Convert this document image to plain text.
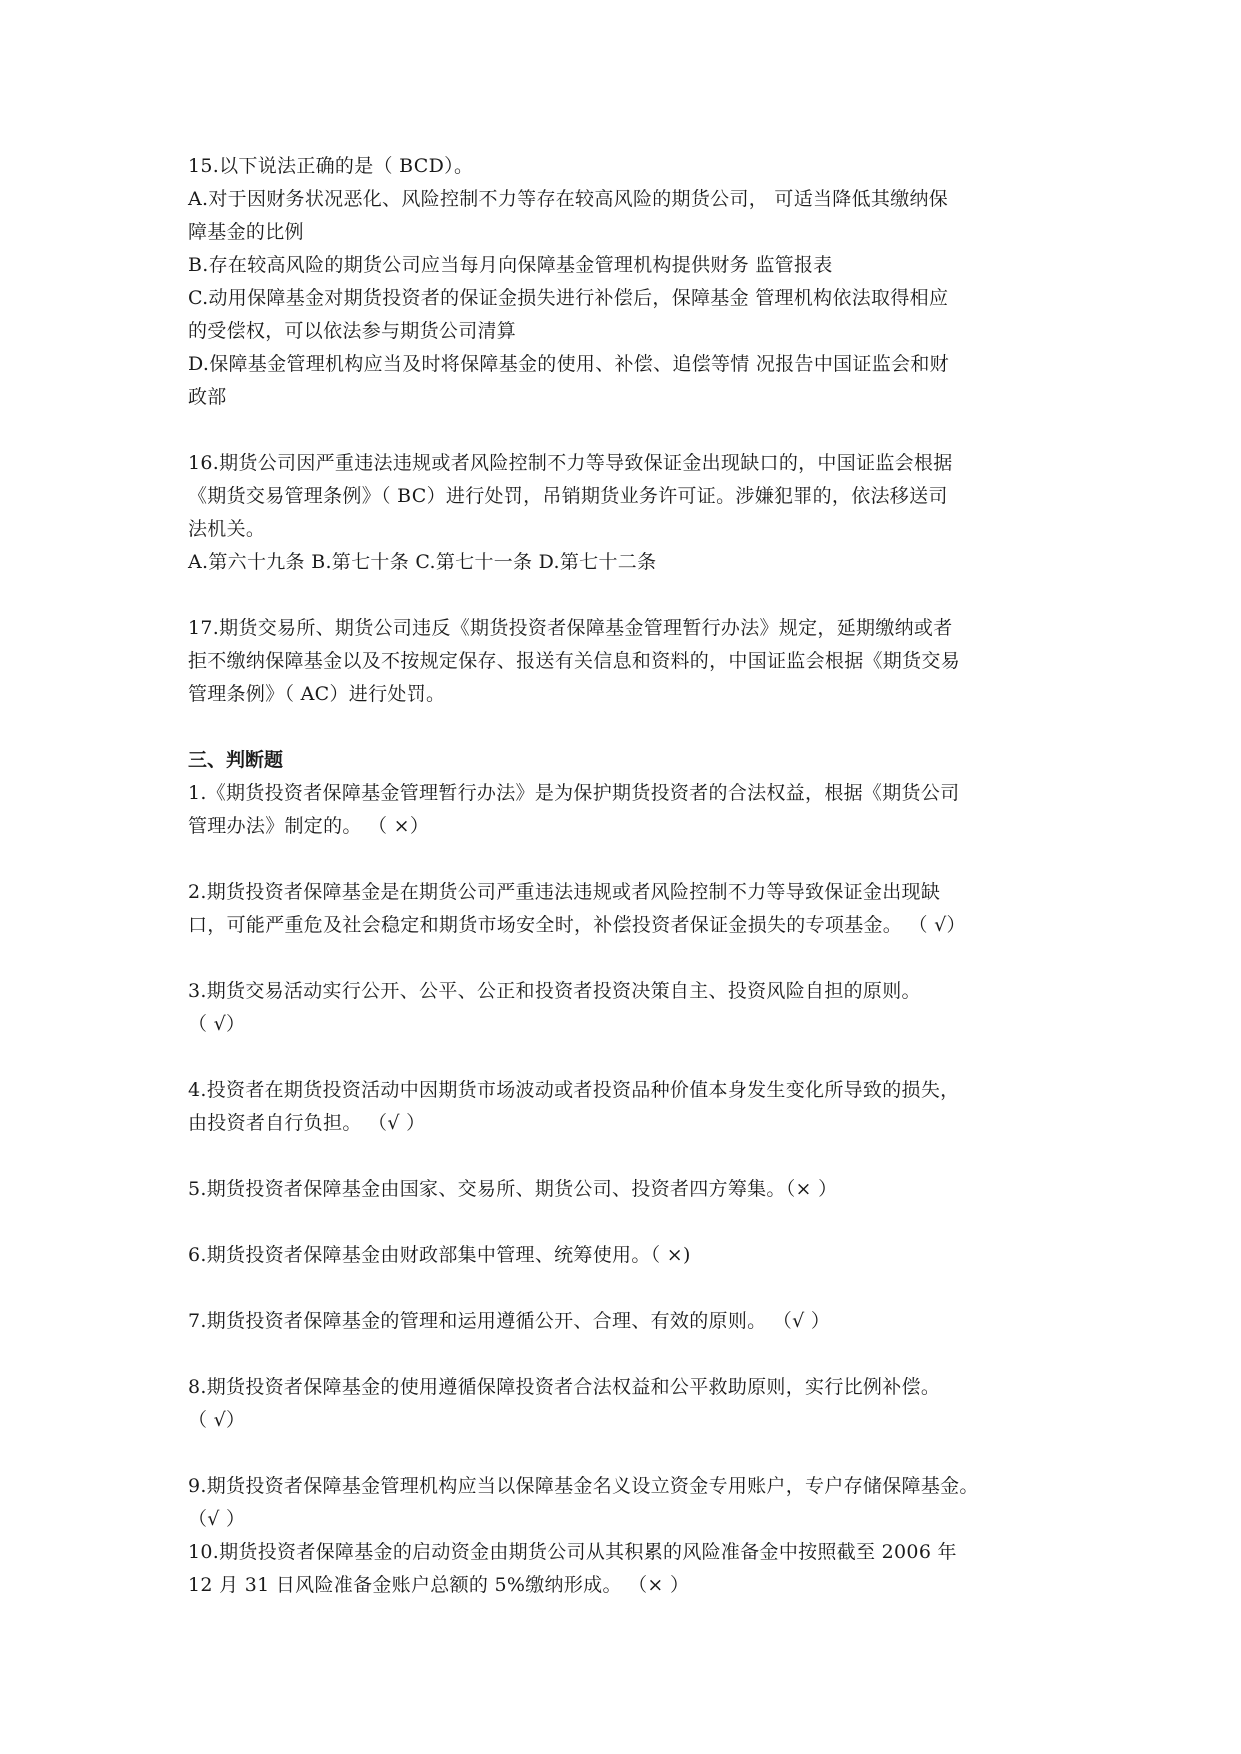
15.以下说法正确的是（ BCD）。
A.对于因财务状况恶化、风险控制不力等存在较高风险的期货公司， 可适当降低其缴纳保
障基金的比例
B.存在较高风险的期货公司应当每月向保障基金管理机构提供财务 监管报表
C.动用保障基金对期货投资者的保证金损失进行补偿后，保障基金 管理机构依法取得相应
的受偿权，可以依法参与期货公司清算
D.保障基金管理机构应当及时将保障基金的使用、补偿、追偿等情 况报告中国证监会和财
政部
16.期货公司因严重违法违规或者风险控制不力等导致保证金出现缺口的，中国证监会根据
《期货交易管理条例》（ BC）进行处罚，吊销期货业务许可证。涉嫌犯罪的，依法移送司
法机关。
A.第六十九条 B.第七十条 C.第七十一条 D.第七十二条
17.期货交易所、期货公司违反《期货投资者保障基金管理暂行办法》规定，延期缴纳或者
拒不缴纳保障基金以及不按规定保存、报送有关信息和资料的，中国证监会根据《期货交易
管理条例》（ AC）进行处罚。
三、判断题
1.《期货投资者保障基金管理暂行办法》是为保护期货投资者的合法权益，根据《期货公司
管理办法》制定的。 （ ×）
2.期货投资者保障基金是在期货公司严重违法违规或者风险控制不力等导致保证金出现缺
口，可能严重危及社会稳定和期货市场安全时，补偿投资者保证金损失的专项基金。 （ √）
3.期货交易活动实行公开、公平、公正和投资者投资决策自主、投资风险自担的原则。
（ √）
4.投资者在期货投资活动中因期货市场波动或者投资品种价值本身发生变化所导致的损失，
由投资者自行负担。 （√ ）
5.期货投资者保障基金由国家、交易所、期货公司、投资者四方筹集。（× ）
6.期货投资者保障基金由财政部集中管理、统筹使用。（ ×)
7.期货投资者保障基金的管理和运用遵循公开、合理、有效的原则。 （√ ）
8.期货投资者保障基金的使用遵循保障投资者合法权益和公平救助原则，实行比例补偿。
（ √）
9.期货投资者保障基金管理机构应当以保障基金名义设立资金专用账户，专户存储保障基金。
（√ ）
10.期货投资者保障基金的启动资金由期货公司从其积累的风险准备金中按照截至 2006 年
12 月 31 日风险准备金账户总额的 5%缴纳形成。 （× ）
